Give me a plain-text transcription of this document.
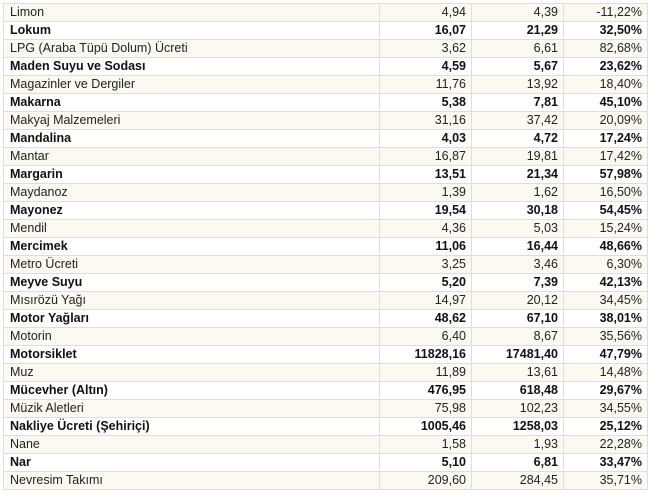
Limon	4,94	4,39	-11,22%
Lokum	16,07	21,29	32,50%
LPG (Araba Tüpü Dolum) Ücreti	3,62	6,61	82,68%
Maden Suyu ve Sodası	4,59	5,67	23,62%
Magazinler ve Dergiler	11,76	13,92	18,40%
Makarna	5,38	7,81	45,10%
Makyaj Malzemeleri	31,16	37,42	20,09%
Mandalina	4,03	4,72	17,24%
Mantar	16,87	19,81	17,42%
Margarin	13,51	21,34	57,98%
Maydanoz	1,39	1,62	16,50%
Mayonez	19,54	30,18	54,45%
Mendil	4,36	5,03	15,24%
Mercimek	11,06	16,44	48,66%
Metro Ücreti	3,25	3,46	6,30%
Meyve Suyu	5,20	7,39	42,13%
Mısırözü Yağı	14,97	20,12	34,45%
Motor Yağları	48,62	67,10	38,01%
Motorin	6,40	8,67	35,56%
Motorsiklet	11828,16	17481,40	47,79%
Muz	11,89	13,61	14,48%
Mücevher (Altın)	476,95	618,48	29,67%
Müzik Aletleri	75,98	102,23	34,55%
Nakliye Ücreti (Şehiriçi)	1005,46	1258,03	25,12%
Nane	1,58	1,93	22,28%
Nar	5,10	6,81	33,47%
Nevresim Takımı	209,60	284,45	35,71%
